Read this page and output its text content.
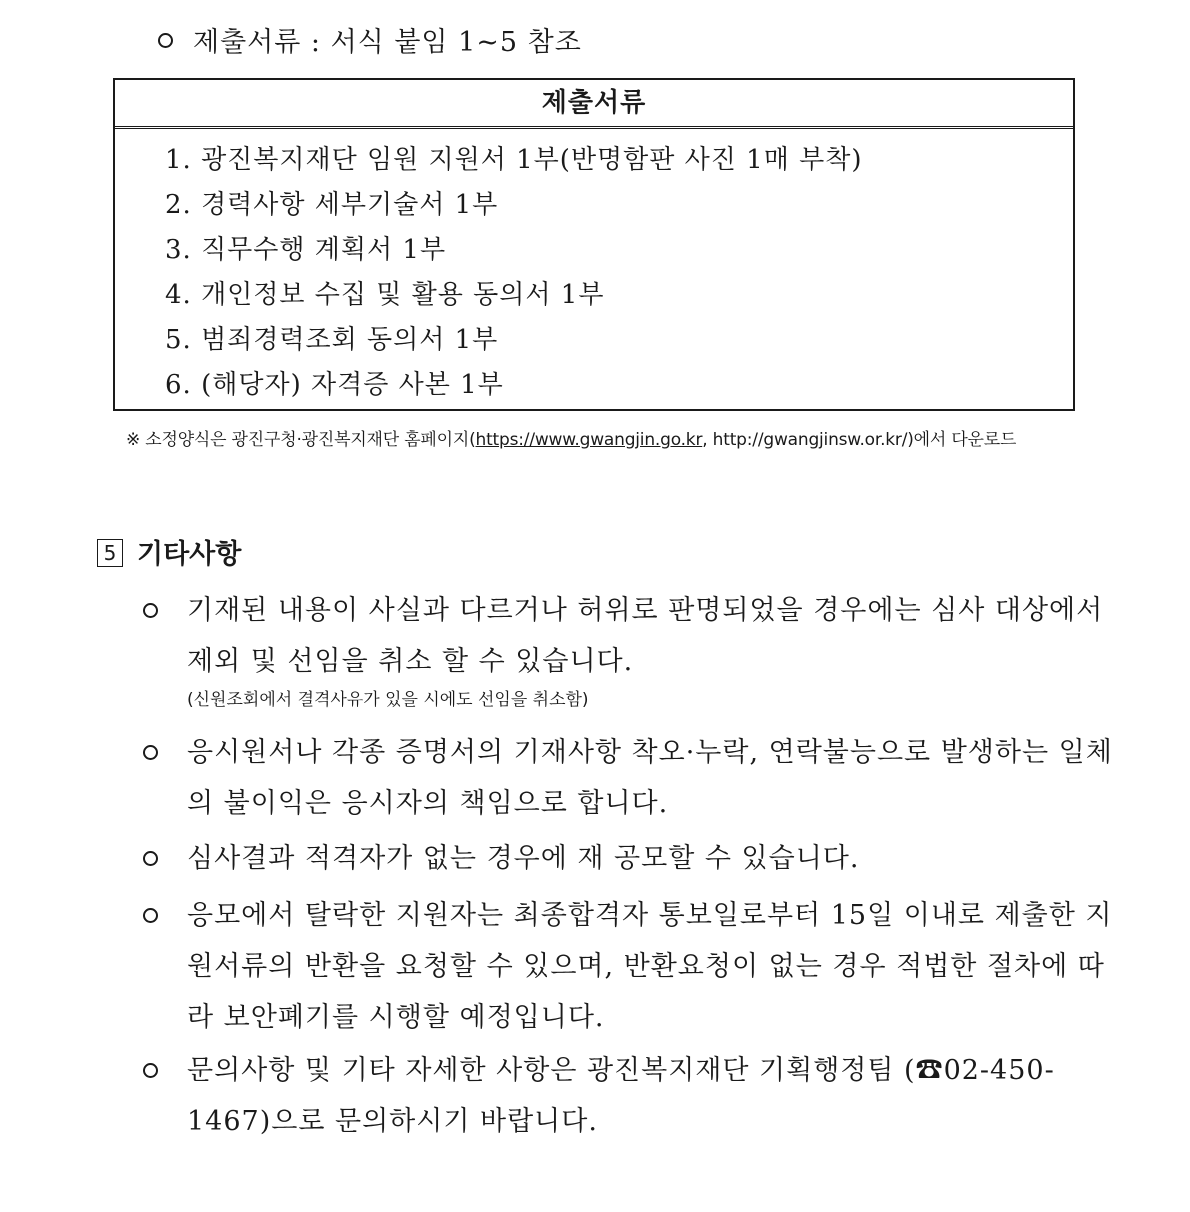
제출서류 : 서식 붙임 1~5 참조
제출서류
1. 광진복지재단 임원 지원서 1부(반명함판 사진 1매 부착)
2. 경력사항 세부기술서 1부
3. 직무수행 계획서 1부
4. 개인정보 수집 및 활용 동의서 1부
5. 범죄경력조회 동의서 1부
6. (해당자) 자격증 사본 1부
※ 소정양식은 광진구청·광진복지재단 홈페이지(https://www.gwangjin.go.kr, http://gwangjinsw.or.kr/)에서 다운로드
5 기타사항
기재된 내용이 사실과 다르거나 허위로 판명되었을 경우에는 심사 대상에서 제외 및 선임을 취소 할 수 있습니다.
(신원조회에서 결격사유가 있을 시에도 선임을 취소함)
응시원서나 각종 증명서의 기재사항 착오·누락, 연락불능으로 발생하는 일체의 불이익은 응시자의 책임으로 합니다.
심사결과 적격자가 없는 경우에 재 공모할 수 있습니다.
응모에서 탈락한 지원자는 최종합격자 통보일로부터 15일 이내로 제출한 지원서류의 반환을 요청할 수 있으며, 반환요청이 없는 경우 적법한 절차에 따라 보안폐기를 시행할 예정입니다.
문의사항 및 기타 자세한 사항은 광진복지재단 기획행정팀 (☎02-450-1467)으로 문의하시기 바랍니다.
